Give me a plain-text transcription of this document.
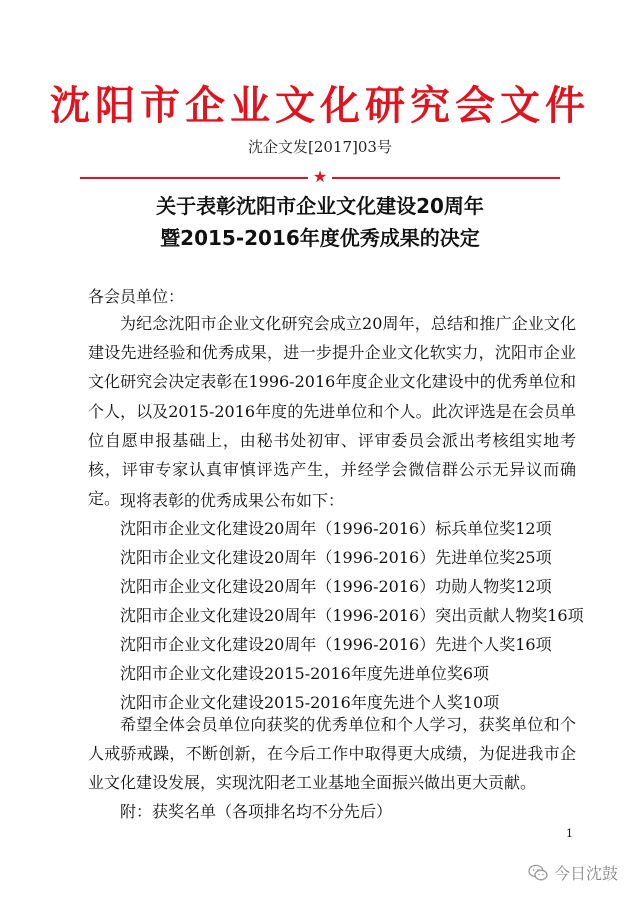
沈阳市企业文化研究会文件
沈企文发[2017]03号
★
关于表彰沈阳市企业文化建设20周年
暨2015-2016年度优秀成果的决定
各会员单位：

为纪念沈阳市企业文化研究会成立20周年，总结和推广企业文化建设先进经验和优秀成果，进一步提升企业文化软实力，沈阳市企业文化研究会决定表彰在1996-2016年度企业文化建设中的优秀单位和个人，以及2015-2016年度的先进单位和个人。此次评选是在会员单位自愿申报基础上，由秘书处初审、评审委员会派出考核组实地考核，评审专家认真审慎评选产生，并经学会微信群公示无异议而确定。 现将表彰的优秀成果公布如下：
沈阳市企业文化建设20周年（1996-2016）标兵单位奖12项
沈阳市企业文化建设20周年（1996-2016）先进单位奖25项
沈阳市企业文化建设20周年（1996-2016）功勋人物奖12项
沈阳市企业文化建设20周年（1996-2016）突出贡献人物奖16项
沈阳市企业文化建设20周年（1996-2016）先进个人奖16项
沈阳市企业文化建设2015-2016年度先进单位奖6项
沈阳市企业文化建设2015-2016年度先进个人奖10项

希望全体会员单位向获奖的优秀单位和个人学习，获奖单位和个人戒骄戒躁，不断创新，在今后工作中取得更大成绩，为促进我市企业文化建设发展，实现沈阳老工业基地全面振兴做出更大贡献。

附：获奖名单（各项排名均不分先后）
1
今日沈鼓
